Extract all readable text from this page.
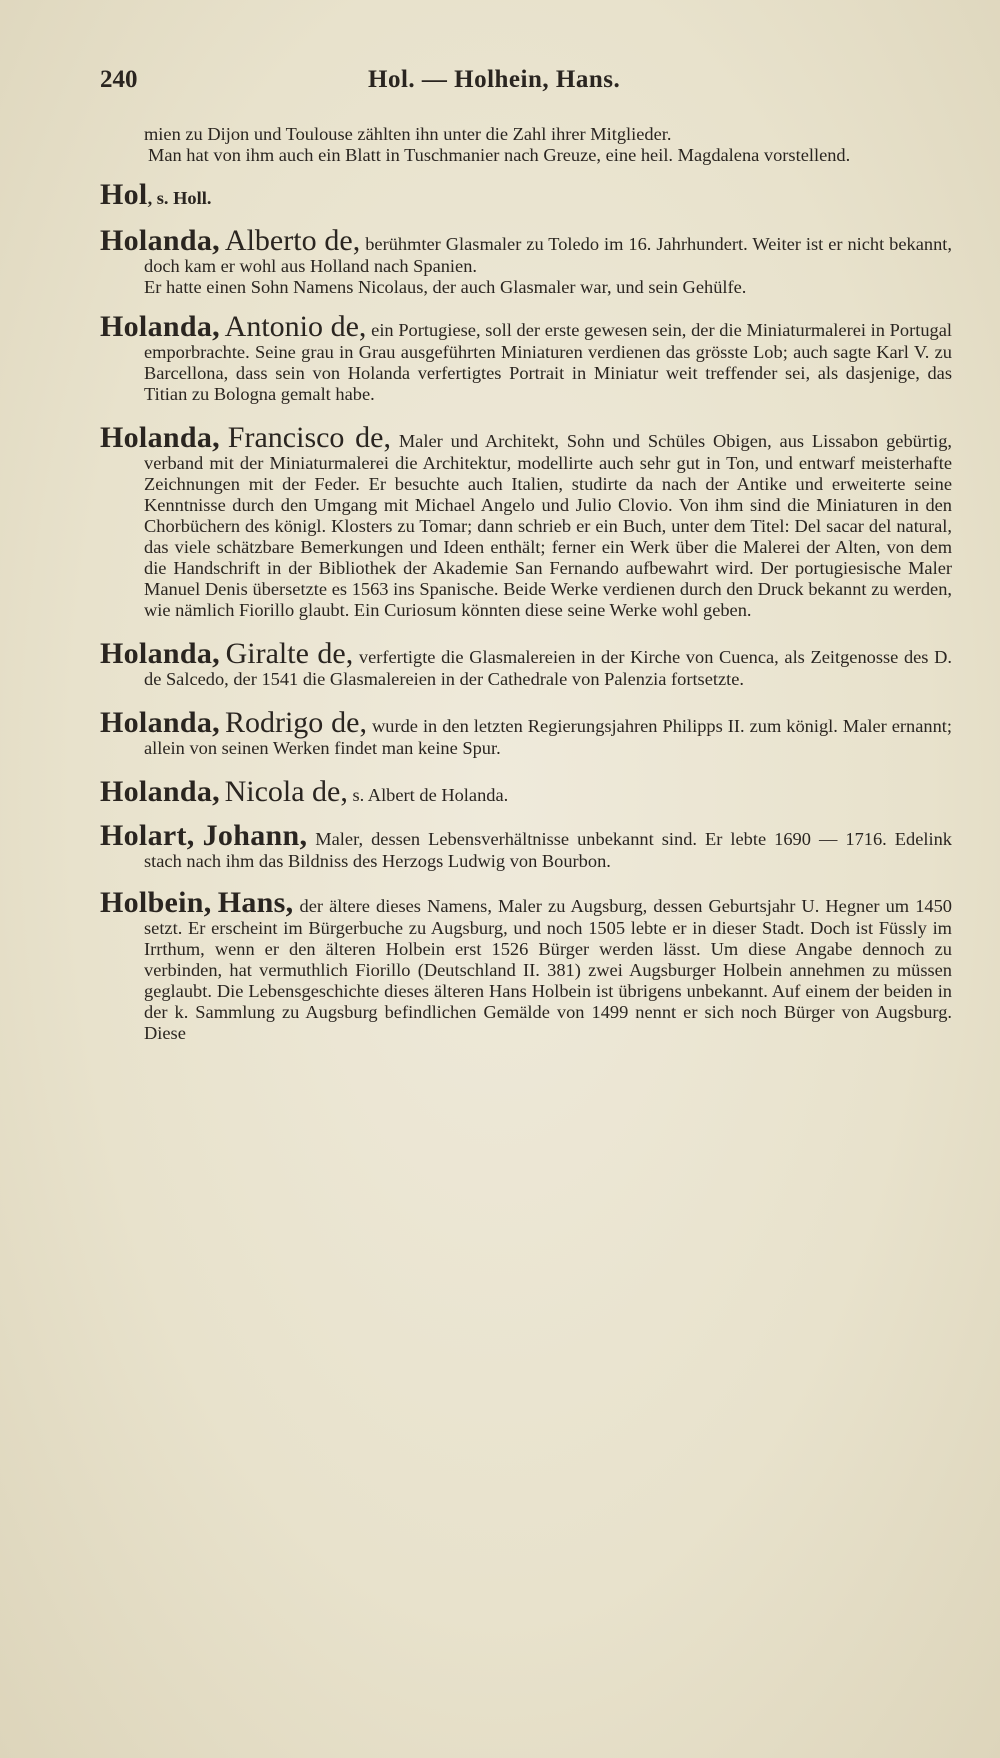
240	Hol. — Holhein, Hans.

mien zu Dijon und Toulouse zählten ihn unter die Zahl ihrer Mitglieder.

Man hat von ihm auch ein Blatt in Tuschmanier nach Greuze, eine heil. Magdalena vorstellend.

Hol, s. Holl.
Holanda, Alberto de, berühmter Glasmaler zu Toledo im 16. Jahrhundert. Weiter ist er nicht bekannt, doch kam er wohl aus Holland nach Spanien.
Er hatte einen Sohn Namens Nicolaus, der auch Glasmaler war, und sein Gehülfe.
Holanda, Antonio de, ein Portugiese, soll der erste gewesen sein, der die Miniaturmalerei in Portugal emporbrachte. Seine grau in Grau ausgeführten Miniaturen verdienen das grösste Lob; auch sagte Karl V. zu Barcellona, dass sein von Holanda verfertigtes Portrait in Miniatur weit treffender sei, als dasjenige, das Titian zu Bologna gemalt habe.
Holanda, Francisco de, Maler und Architekt, Sohn und Schüles Obigen, aus Lissabon gebürtig, verband mit der Miniaturmalerei die Architektur, modellirte auch sehr gut in Ton, und entwarf meisterhafte Zeichnungen mit der Feder. Er besuchte auch Italien, studirte da nach der Antike und erweiterte seine Kenntnisse durch den Umgang mit Michael Angelo und Julio Clovio. Von ihm sind die Miniaturen in den Chorbüchern des königl. Klosters zu Tomar; dann schrieb er ein Buch, unter dem Titel: Del sacar del natural, das viele schätzbare Bemerkungen und Ideen enthält; ferner ein Werk über die Malerei der Alten, von dem die Handschrift in der Bibliothek der Akademie San Fernando aufbewahrt wird. Der portugiesische Maler Manuel Denis übersetzte es 1563 ins Spanische. Beide Werke verdienen durch den Druck bekannt zu werden, wie nämlich Fiorillo glaubt. Ein Curiosum könnten diese seine Werke wohl geben.
Holanda, Giralte de, verfertigte die Glasmalereien in der Kirche von Cuenca, als Zeitgenosse des D. de Salcedo, der 1541 die Glasmalereien in der Cathedrale von Palenzia fortsetzte.
Holanda, Rodrigo de, wurde in den letzten Regierungsjahren Philipps II. zum königl. Maler ernannt; allein von seinen Werken findet man keine Spur.
Holanda, Nicola de, s. Albert de Holanda.
Holart, Johann, Maler, dessen Lebensverhältnisse unbekannt sind. Er lebte 1690 — 1716. Edelink stach nach ihm das Bildniss des Herzogs Ludwig von Bourbon.
Holbein, Hans, der ältere dieses Namens, Maler zu Augsburg, dessen Geburtsjahr U. Hegner um 1450 setzt. Er erscheint im Bürgerbuche zu Augsburg, und noch 1505 lebte er in dieser Stadt. Doch ist Füssly im Irrthum, wenn er den älteren Holbein erst 1526 Bürger werden lässt. Um diese Angabe dennoch zu verbinden, hat vermuthlich Fiorillo (Deutschland II. 381) zwei Augsburger Holbein annehmen zu müssen geglaubt. Die Lebensgeschichte dieses älteren Hans Holbein ist übrigens unbekannt. Auf einem der beiden in der k. Sammlung zu Augsburg befindlichen Gemälde von 1499 nennt er sich noch Bürger von Augsburg. Diese
